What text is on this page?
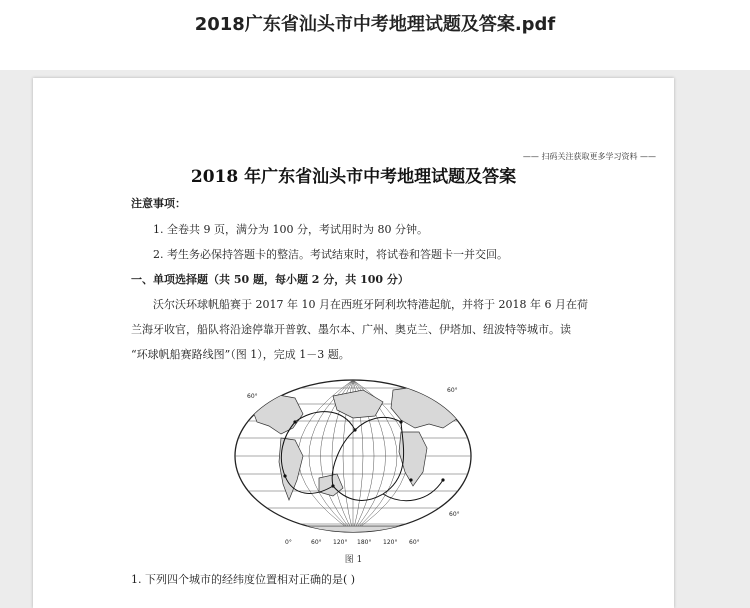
2018广东省汕头市中考地理试题及答案.pdf
—— 扫码关注获取更多学习资料 ——
2018 年广东省汕头市中考地理试题及答案
注意事项：
1. 全卷共 9 页，满分为 100 分，考试用时为 80 分钟。
2. 考生务必保持答题卡的整洁。考试结束时，将试卷和答题卡一并交回。
一、单项选择题（共 50 题，每小题 2 分，共 100 分）
沃尔沃环球帆船赛于 2017 年 10 月在西班牙阿利坎特港起航，并将于 2018 年 6 月在荷
兰海牙收官，船队将沿途停靠开普敦、墨尔本、广州、奥克兰、伊塔加、纽波特等城市。读
“环球帆船赛路线图”（图 1），完成 1－3 题。
60°
60°
60°
0°	60° 120° 180° 120° 60°
图 1
1. 下列四个城市的经纬度位置相对正确的是( )
